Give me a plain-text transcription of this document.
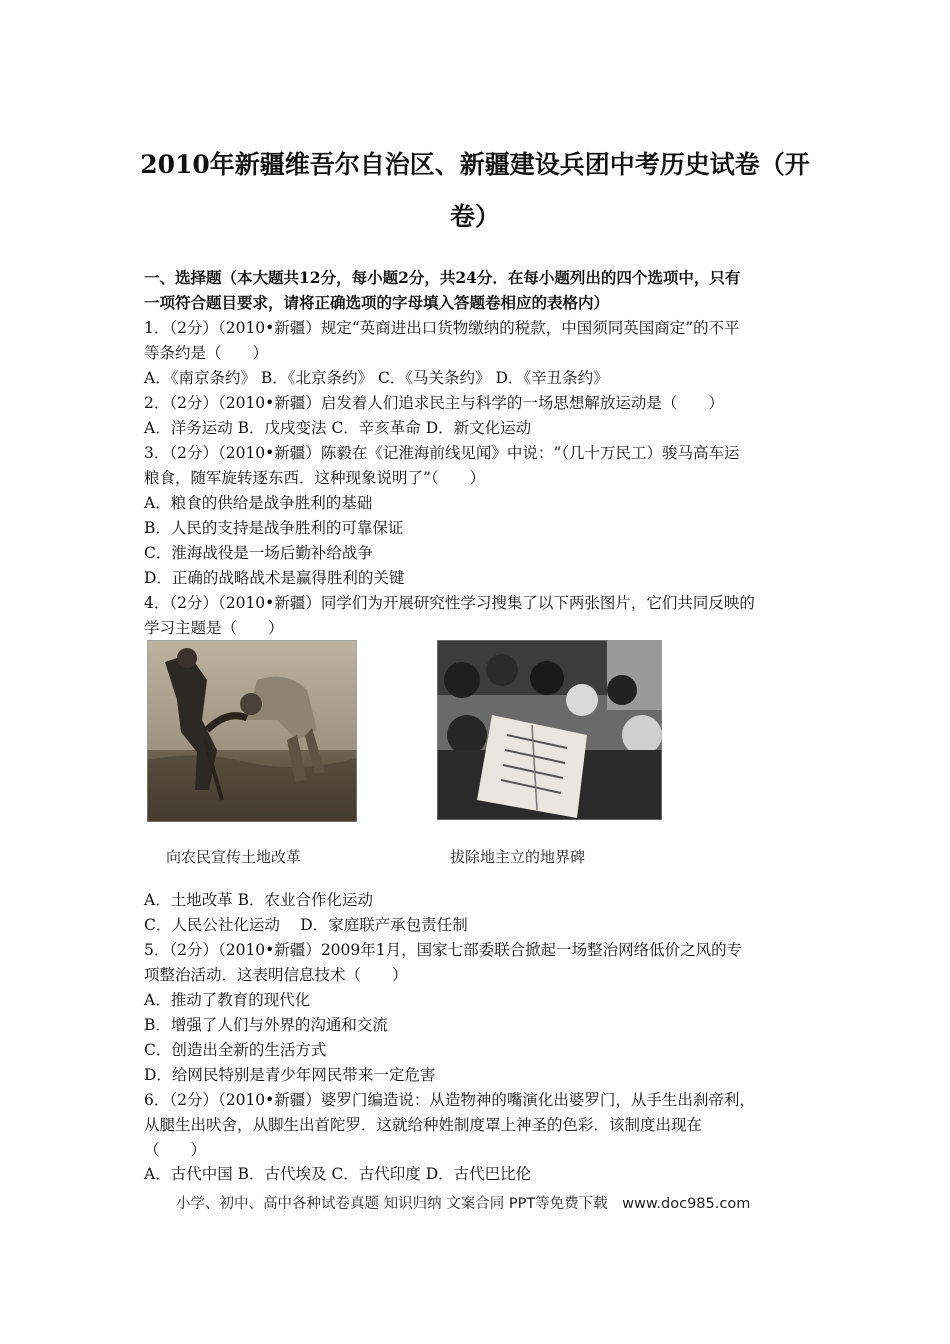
2010年新疆维吾尔自治区、新疆建设兵团中考历史试卷（开
卷）
一、选择题（本大题共12分，每小题2分，共24分．在每小题列出的四个选项中，只有
一项符合题目要求，请将正确选项的字母填入答题卷相应的表格内）
1．（2分）（2010•新疆）规定“英商进出口货物缴纳的税款，中国须同英国商定”的不平
等条约是（　　）
A．《南京条约》 B．《北京条约》 C．《马关条约》 D．《辛丑条约》
2．（2分）（2010•新疆）启发着人们追求民主与科学的一场思想解放运动是（　　）
A．洋务运动 B．戊戌变法 C．辛亥革命 D．新文化运动
3．（2分）（2010•新疆）陈毅在《记淮海前线见闻》中说：“（几十万民工）骏马高车运
粮食，随军旋转逐东西．这种现象说明了”（　　）
A．粮食的供给是战争胜利的基础
B．人民的支持是战争胜利的可靠保证
C．淮海战役是一场后勤补给战争
D．正确的战略战术是赢得胜利的关键
4．（2分）（2010•新疆）同学们为开展研究性学习搜集了以下两张图片，它们共同反映的
学习主题是（　　）
向农民宣传土地改革	拔除地主立的地界碑
A．土地改革 B．农业合作化运动
C．人民公社化运动　 D．家庭联产承包责任制
5．（2分）（2010•新疆）2009年1月，国家七部委联合掀起一场整治网络低价之风的专
项整治活动．这表明信息技术（　　）
A．推动了教育的现代化
B．增强了人们与外界的沟通和交流
C．创造出全新的生活方式
D．给网民特别是青少年网民带来一定危害
6．（2分）（2010•新疆）婆罗门编造说：从造物神的嘴演化出婆罗门，从手生出刹帝利，
从腿生出吠舍，从脚生出首陀罗．这就给种姓制度罩上神圣的色彩．该制度出现在
（　　）
A．古代中国 B．古代埃及 C．古代印度 D．古代巴比伦
小学、初中、高中各种试卷真题 知识归纳 文案合同 PPT等免费下载　www.doc985.com
